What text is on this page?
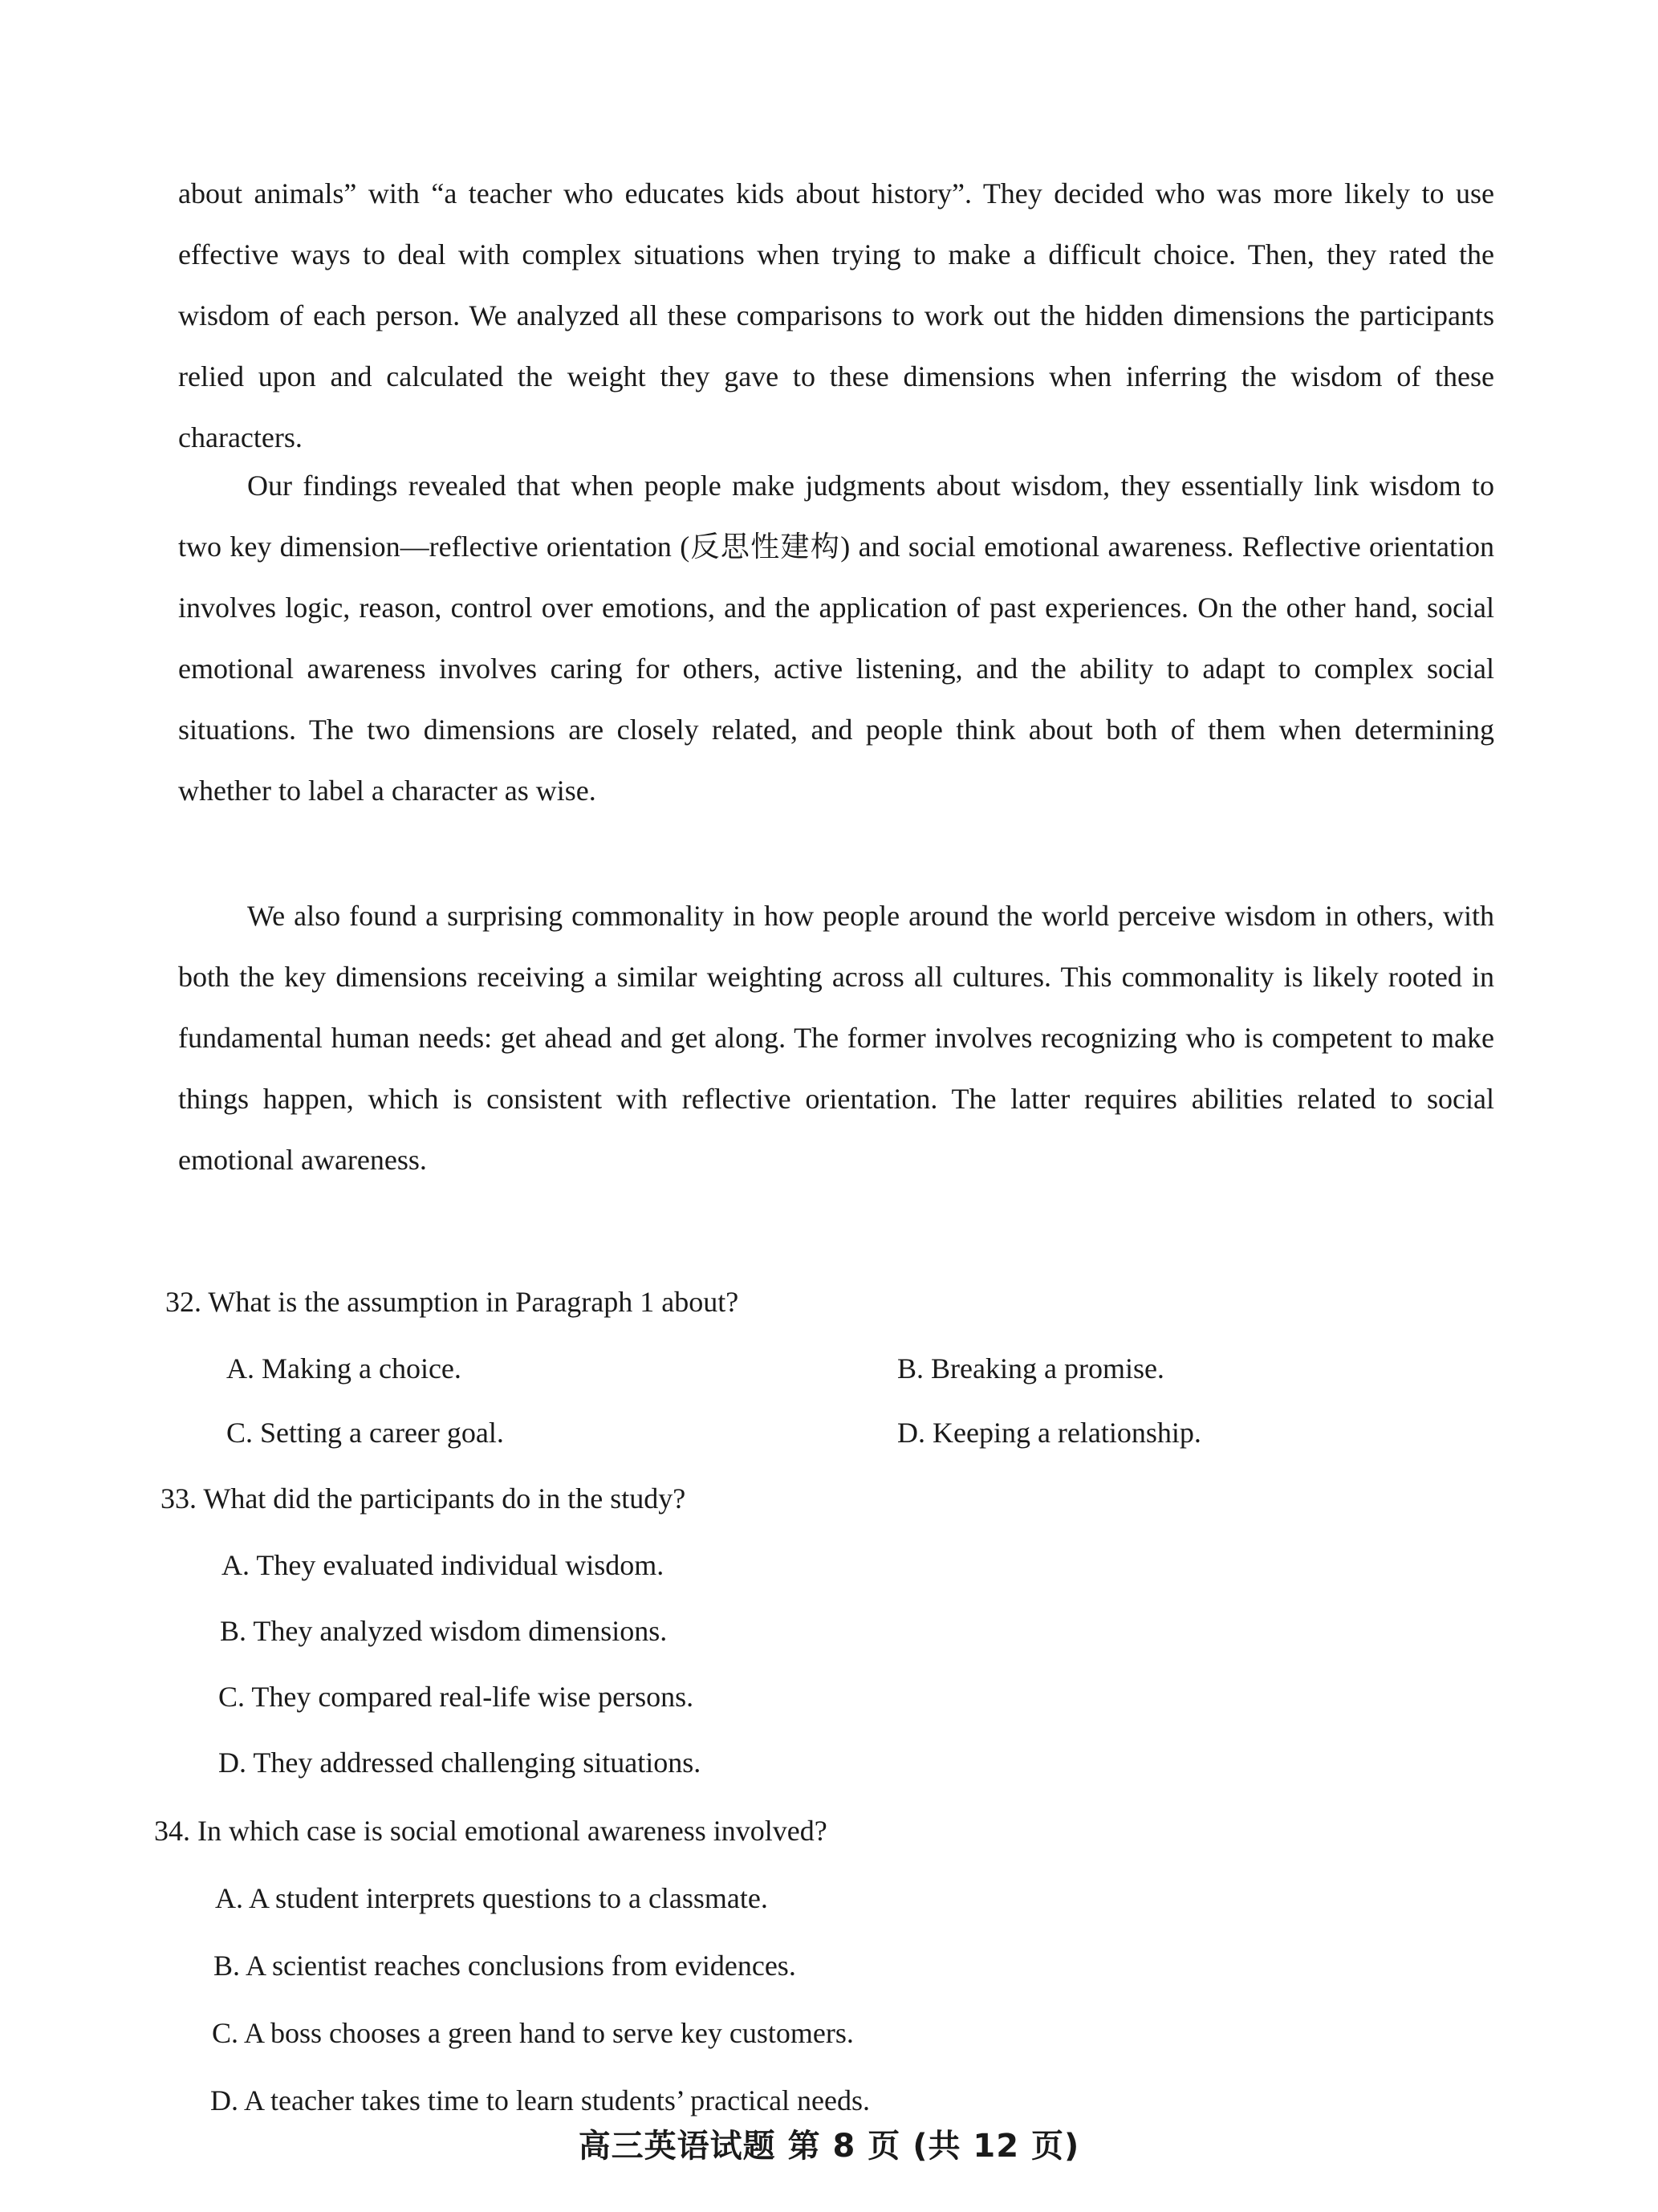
about animals” with “a teacher who educates kids about history”. They decided who was more likely to use effective ways to deal with complex situations when trying to make a difficult choice. Then, they rated the wisdom of each person. We analyzed all these comparisons to work out the hidden dimensions the participants relied upon and calculated the weight they gave to these dimensions when inferring the wisdom of these characters.

Our findings revealed that when people make judgments about wisdom, they essentially link wisdom to two key dimension—reflective orientation (反思性建构) and social emotional awareness. Reflective orientation involves logic, reason, control over emotions, and the application of past experiences. On the other hand, social emotional awareness involves caring for others, active listening, and the ability to adapt to complex social situations. The two dimensions are closely related, and people think about both of them when determining whether to label a character as wise.

We also found a surprising commonality in how people around the world perceive wisdom in others, with both the key dimensions receiving a similar weighting across all cultures. This commonality is likely rooted in fundamental human needs: get ahead and get along. The former involves recognizing who is competent to make things happen, which is consistent with reflective orientation. The latter requires abilities related to social emotional awareness.

32. What is the assumption in Paragraph 1 about?
A. Making a choice.	B. Breaking a promise.
C. Setting a career goal.	D. Keeping a relationship.
33. What did the participants do in the study?
A. They evaluated individual wisdom.
B. They analyzed wisdom dimensions.
C. They compared real-life wise persons.
D. They addressed challenging situations.
34. In which case is social emotional awareness involved?
A. A student interprets questions to a classmate.
B. A scientist reaches conclusions from evidences.
C. A boss chooses a green hand to serve key customers.
D. A teacher takes time to learn students’ practical needs.
高三英语试题 第 8 页 (共 12 页)
